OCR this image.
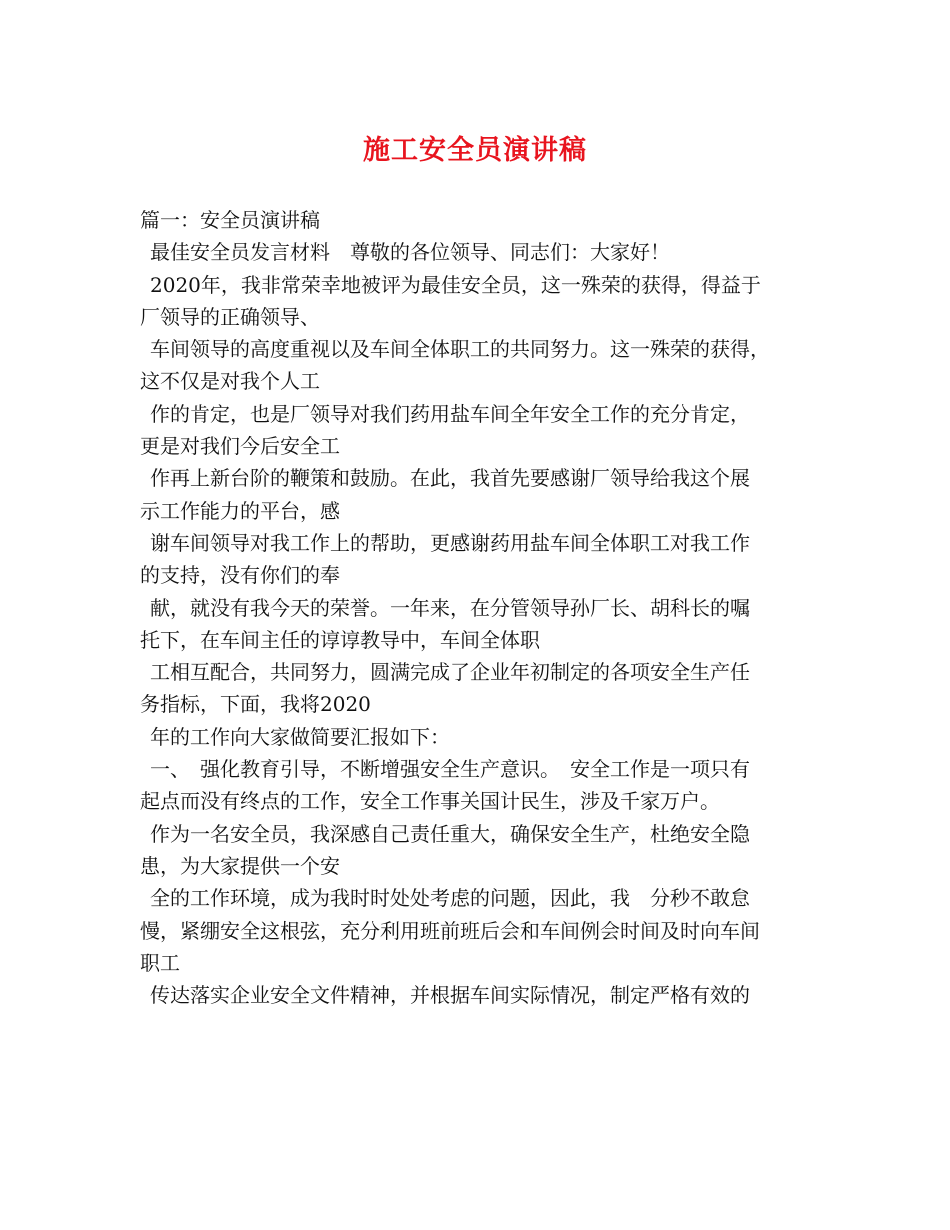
施工安全员演讲稿
篇一：安全员演讲稿
最佳安全员发言材料　尊敬的各位领导、同志们：大家好！
2020年，我非常荣幸地被评为最佳安全员，这一殊荣的获得，得益于
厂领导的正确领导、
车间领导的高度重视以及车间全体职工的共同努力。这一殊荣的获得，
这不仅是对我个人工
作的肯定，也是厂领导对我们药用盐车间全年安全工作的充分肯定，
更是对我们今后安全工
作再上新台阶的鞭策和鼓励。在此，我首先要感谢厂领导给我这个展
示工作能力的平台，感
谢车间领导对我工作上的帮助，更感谢药用盐车间全体职工对我工作
的支持，没有你们的奉
献，就没有我今天的荣誉。一年来，在分管领导孙厂长、胡科长的嘱
托下，在车间主任的谆谆教导中，车间全体职
工相互配合，共同努力，圆满完成了企业年初制定的各项安全生产任
务指标，下面，我将2020
年的工作向大家做简要汇报如下：
一、　强化教育引导，不断增强安全生产意识。　安全工作是一项只有
起点而没有终点的工作，安全工作事关国计民生，涉及千家万户。
作为一名安全员，我深感自己责任重大，确保安全生产，杜绝安全隐
患，为大家提供一个安
全的工作环境，成为我时时处处考虑的问题，因此，我　分秒不敢怠
慢，紧绷安全这根弦，充分利用班前班后会和车间例会时间及时向车间
职工
传达落实企业安全文件精神，并根据车间实际情况，制定严格有效的
